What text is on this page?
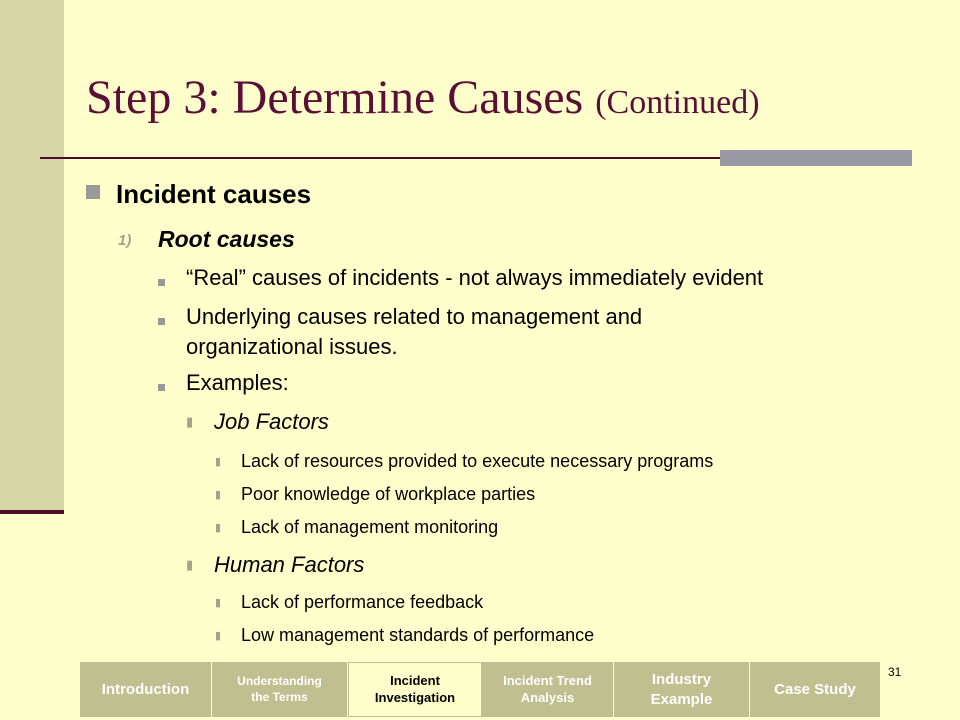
Step 3: Determine Causes (Continued)
Incident causes
1) Root causes
“Real” causes of incidents - not always immediately evident
Underlying causes related to management and
organizational issues.
Examples:
▮ Job Factors
▮ Lack of resources provided to execute necessary programs
▮ Poor knowledge of workplace parties
▮ Lack of management monitoring
▮ Human Factors
▮ Lack of performance feedback
▮ Low management standards of performance
Introduction	Understanding
the Terms
Incident
Investigation
Incident Trend
Analysis
Industry
Example
Case Study
31
